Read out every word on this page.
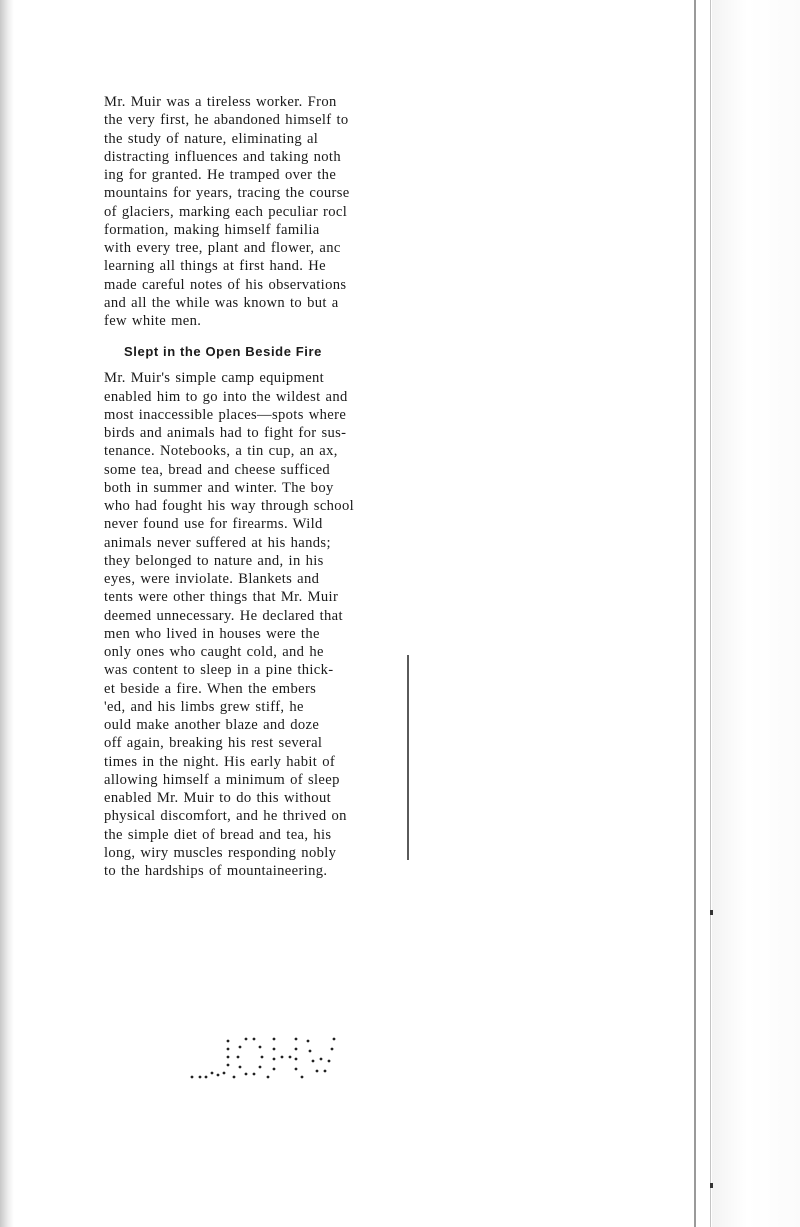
Mr. Muir was a tireless worker. Fron
the very first, he abandoned himself to
the study of nature, eliminating al
distracting influences and taking noth
ing for granted. He tramped over the
mountains for years, tracing the course
of glaciers, marking each peculiar rocl
formation, making himself familia
with every tree, plant and flower, anc
learning all things at first hand. He
made careful notes of his observations
and all the while was known to but a
few white men.

Slept in the Open Beside Fire

Mr. Muir's simple camp equipment
enabled him to go into the wildest and
most inaccessible places—spots where
birds and animals had to fight for sus-
tenance. Notebooks, a tin cup, an ax,
some tea, bread and cheese sufficed
both in summer and winter. The boy
who had fought his way through school
never found use for firearms. Wild
animals never suffered at his hands;
they belonged to nature and, in his
eyes, were inviolate. Blankets and
tents were other things that Mr. Muir
deemed unnecessary. He declared that
men who lived in houses were the
only ones who caught cold, and he
was content to sleep in a pine thick-
et beside a fire. When the embers
'ed, and his limbs grew stiff, he
ould make another blaze and doze
off again, breaking his rest several
times in the night. His early habit of
allowing himself a minimum of sleep
enabled Mr. Muir to do this without
physical discomfort, and he thrived on
the simple diet of bread and tea, his
long, wiry muscles responding nobly
to the hardships of mountaineering.

JOHN
